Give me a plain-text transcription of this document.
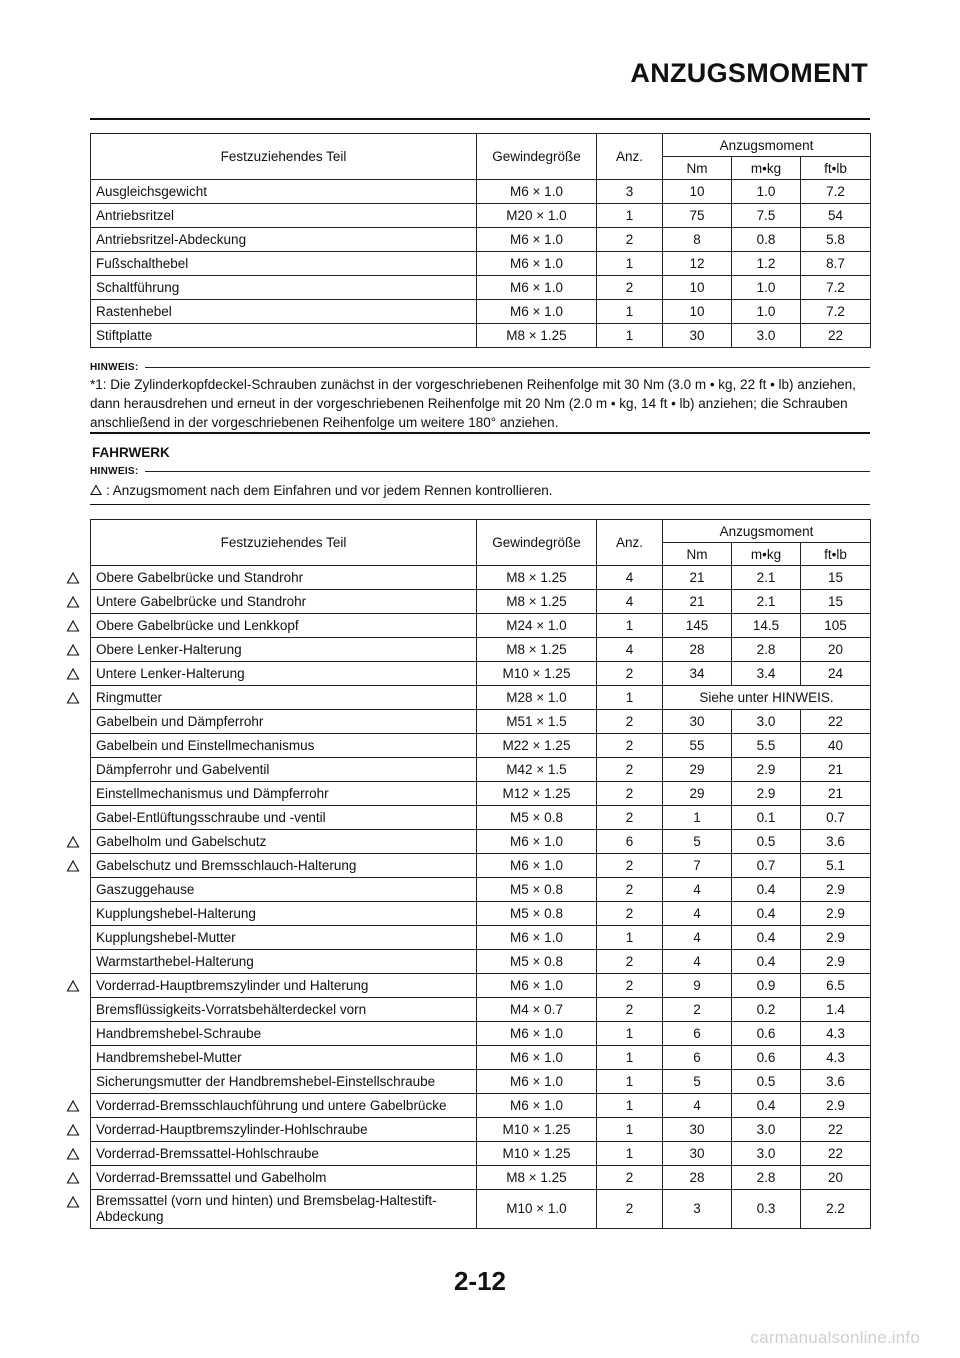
ANZUGSMOMENT
Festzuziehendes Teil	Gewindegröße	Anz.	Anzugsmoment		
			Nm	m•kg	ft•lb
Ausgleichsgewicht	M6 × 1.0	3	10	1.0	7.2
Antriebsritzel	M20 × 1.0	1	75	7.5	54
Antriebsritzel-Abdeckung	M6 × 1.0	2	8	0.8	5.8
Fußschalthebel	M6 × 1.0	1	12	1.2	8.7
Schaltführung	M6 × 1.0	2	10	1.0	7.2
Rastenhebel	M6 × 1.0	1	10	1.0	7.2
Stiftplatte	M8 × 1.25	1	30	3.0	22
HINWEIS:
*1: Die Zylinderkopfdeckel-Schrauben zunächst in der vorgeschriebenen Reihenfolge mit 30 Nm (3.0 m • kg, 22 ft • lb) anziehen, dann herausdrehen und erneut in der vorgeschriebenen Reihenfolge mit 20 Nm (2.0 m • kg, 14 ft • lb) anziehen; die Schrauben anschließend in der vorgeschriebenen Reihenfolge um weitere 180° anziehen.
FAHRWERK
HINWEIS:
: Anzugsmoment nach dem Einfahren und vor jedem Rennen kontrollieren.
Festzuziehendes Teil	Gewindegröße	Anz.	Anzugsmoment		
			Nm	m•kg	ft•lb
Obere Gabelbrücke und Standrohr	M8 × 1.25	4	21	2.1	15
Untere Gabelbrücke und Standrohr	M8 × 1.25	4	21	2.1	15
Obere Gabelbrücke und Lenkkopf	M24 × 1.0	1	145	14.5	105
Obere Lenker-Halterung	M8 × 1.25	4	28	2.8	20
Untere Lenker-Halterung	M10 × 1.25	2	34	3.4	24
Ringmutter	M28 × 1.0	1	Siehe unter HINWEIS.		
Gabelbein und Dämpferrohr	M51 × 1.5	2	30	3.0	22
Gabelbein und Einstellmechanismus	M22 × 1.25	2	55	5.5	40
Dämpferrohr und Gabelventil	M42 × 1.5	2	29	2.9	21
Einstellmechanismus und Dämpferrohr	M12 × 1.25	2	29	2.9	21
Gabel-Entlüftungsschraube und -ventil	M5 × 0.8	2	1	0.1	0.7
Gabelholm und Gabelschutz	M6 × 1.0	6	5	0.5	3.6
Gabelschutz und Bremsschlauch-Halterung	M6 × 1.0	2	7	0.7	5.1
Gaszuggehause	M5 × 0.8	2	4	0.4	2.9
Kupplungshebel-Halterung	M5 × 0.8	2	4	0.4	2.9
Kupplungshebel-Mutter	M6 × 1.0	1	4	0.4	2.9
Warmstarthebel-Halterung	M5 × 0.8	2	4	0.4	2.9
Vorderrad-Hauptbremszylinder und Halterung	M6 × 1.0	2	9	0.9	6.5
Bremsflüssigkeits-Vorratsbehälterdeckel vorn	M4 × 0.7	2	2	0.2	1.4
Handbremshebel-Schraube	M6 × 1.0	1	6	0.6	4.3
Handbremshebel-Mutter	M6 × 1.0	1	6	0.6	4.3
Sicherungsmutter der Handbremshebel-Einstellschraube	M6 × 1.0	1	5	0.5	3.6
Vorderrad-Bremsschlauchführung und untere Gabelbrücke	M6 × 1.0	1	4	0.4	2.9
Vorderrad-Hauptbremszylinder-Hohlschraube	M10 × 1.25	1	30	3.0	22
Vorderrad-Bremssattel-Hohlschraube	M10 × 1.25	1	30	3.0	22
Vorderrad-Bremssattel und Gabelholm	M8 × 1.25	2	28	2.8	20
Bremssattel (vorn und hinten) und Bremsbelag-Haltestift-Abdeckung	M10 × 1.0	2	3	0.3	2.2
2-12
carmanualsonline.info
